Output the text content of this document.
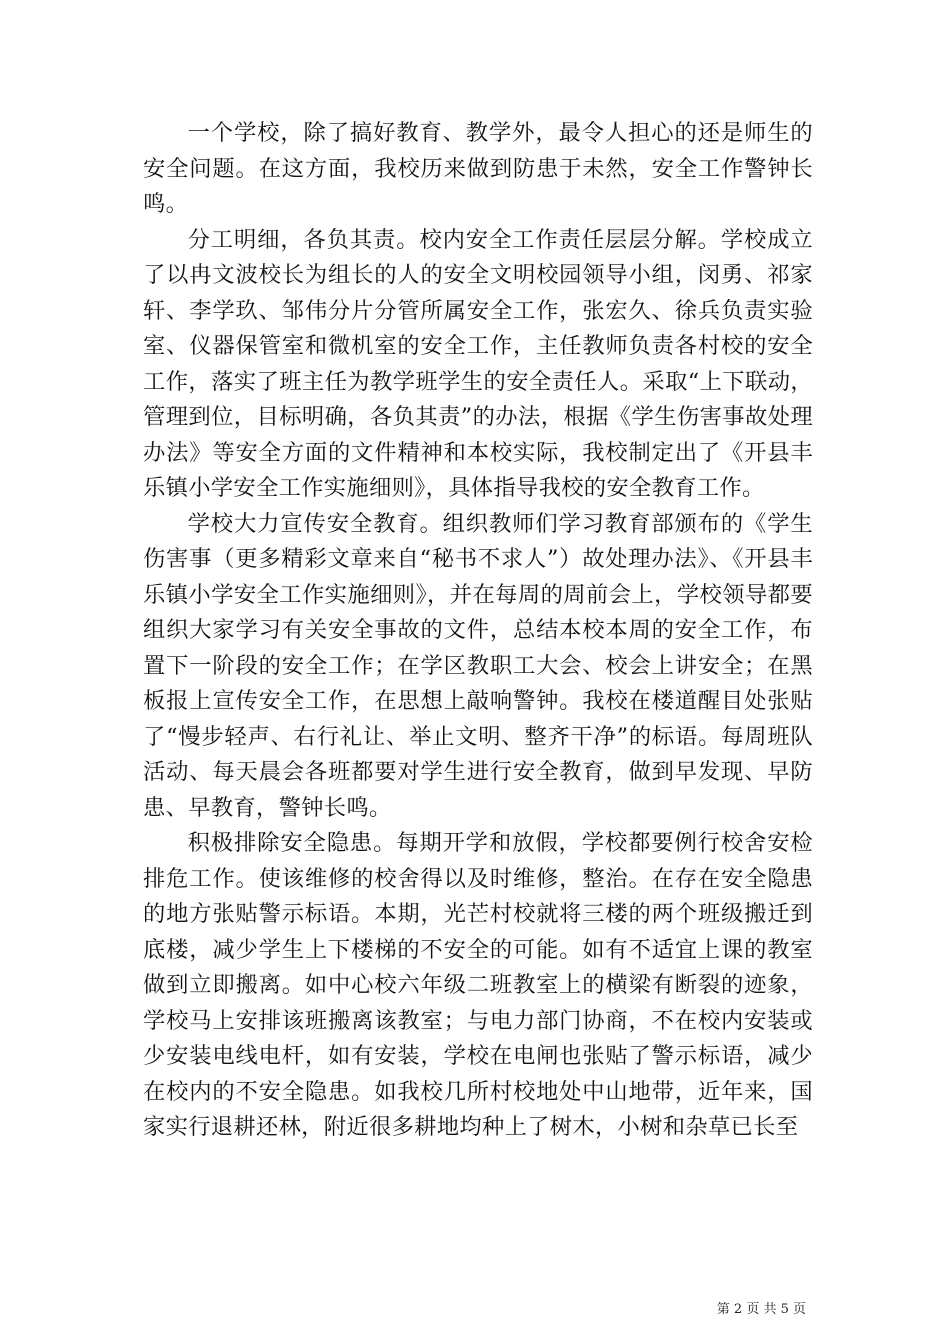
一个学校，除了搞好教育、教学外，最令人担心的还是师生的安全问题。在这方面，我校历来做到防患于未然，安全工作警钟长鸣。

分工明细，各负其责。校内安全工作责任层层分解。学校成立了以冉文波校长为组长的人的安全文明校园领导小组，闵勇、祁家轩、李学玖、邹伟分片分管所属安全工作，张宏久、徐兵负责实验室、仪器保管室和微机室的安全工作，主任教师负责各村校的安全工作，落实了班主任为教学班学生的安全责任人。采取“上下联动，管理到位，目标明确，各负其责”的办法，根据《学生伤害事故处理办法》等安全方面的文件精神和本校实际，我校制定出了《开县丰乐镇小学安全工作实施细则》，具体指导我校的安全教育工作。

学校大力宣传安全教育。组织教师们学习教育部颁布的《学生伤害事（更多精彩文章来自“秘书不求人”）故处理办法》、《开县丰乐镇小学安全工作实施细则》，并在每周的周前会上，学校领导都要组织大家学习有关安全事故的文件，总结本校本周的安全工作，布置下一阶段的安全工作；在学区教职工大会、校会上讲安全；在黑板报上宣传安全工作，在思想上敲响警钟。我校在楼道醒目处张贴了“慢步轻声、右行礼让、举止文明、整齐干净”的标语。每周班队活动、每天晨会各班都要对学生进行安全教育，做到早发现、早防患、早教育，警钟长鸣。

积极排除安全隐患。每期开学和放假，学校都要例行校舍安检排危工作。使该维修的校舍得以及时维修，整治。在存在安全隐患的地方张贴警示标语。本期，光芒村校就将三楼的两个班级搬迁到底楼，减少学生上下楼梯的不安全的可能。如有不适宜上课的教室做到立即搬离。如中心校六年级二班教室上的横梁有断裂的迹象，学校马上安排该班搬离该教室；与电力部门协商，不在校内安装或少安装电线电杆，如有安装，学校在电闸也张贴了警示标语，减少在校内的不安全隐患。如我校几所村校地处中山地带，近年来，国家实行退耕还林，附近很多耕地均种上了树木，小树和杂草已长至

第 2 页 共 5 页
